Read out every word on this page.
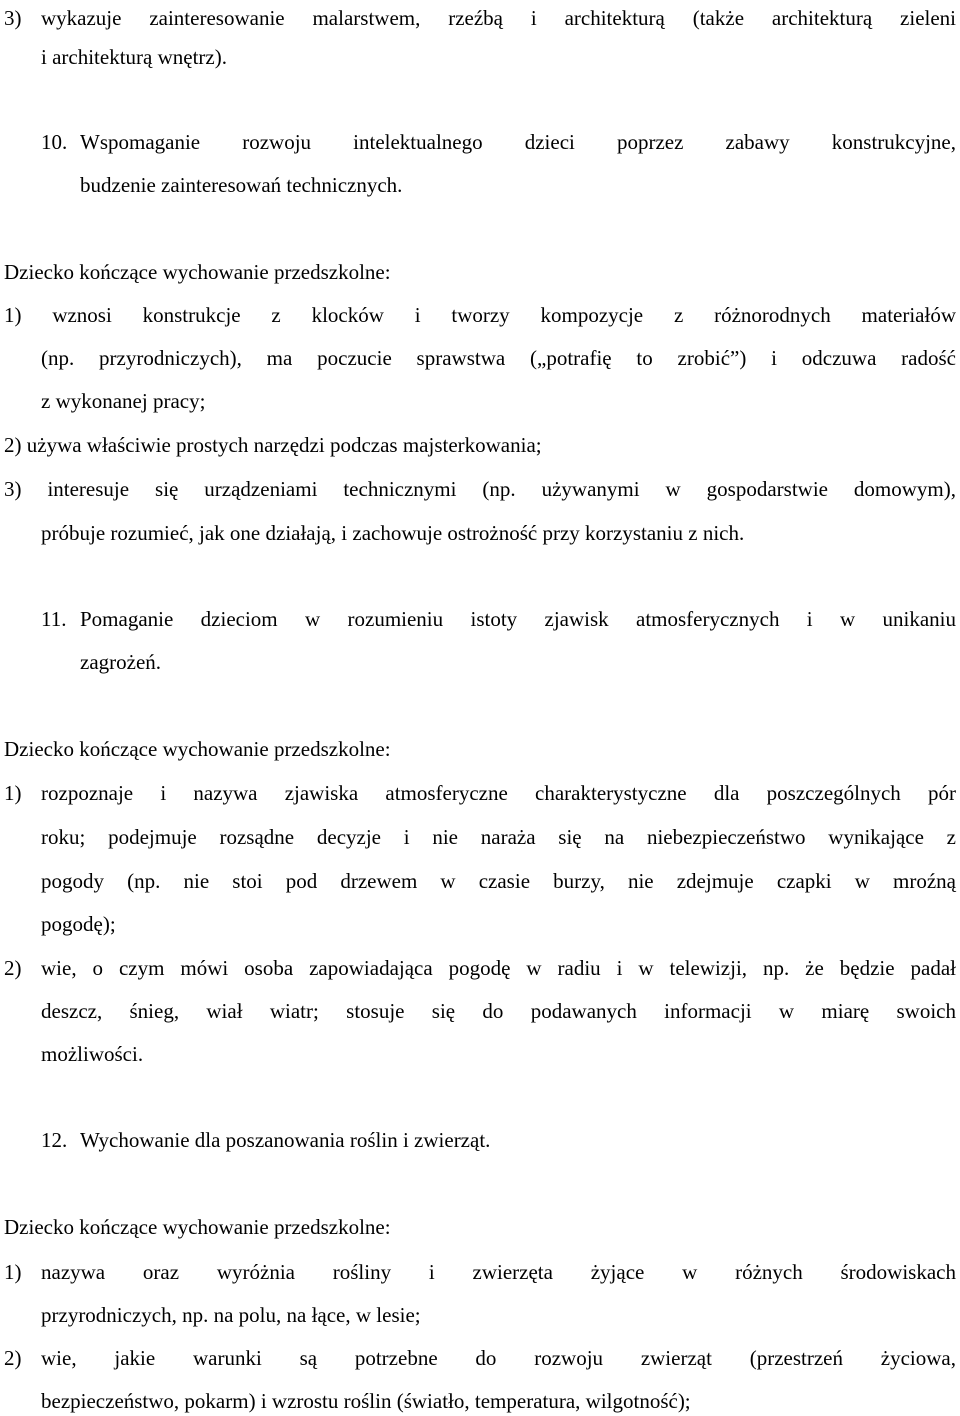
3) wykazuje zainteresowanie malarstwem, rzeźbą i architekturą (także architekturą zieleni
i architekturą wnętrz).
10. Wspomaganie rozwoju intelektualnego dzieci poprzez zabawy konstrukcyjne,
budzenie zainteresowań technicznych.
Dziecko kończące wychowanie przedszkolne:
1) wznosi konstrukcje z klocków i tworzy kompozycje z różnorodnych materiałów
(np. przyrodniczych), ma poczucie sprawstwa („potrafię to zrobić”) i odczuwa radość
z wykonanej pracy;
2) używa właściwie prostych narzędzi podczas majsterkowania;
3) interesuje się urządzeniami technicznymi (np. używanymi w gospodarstwie domowym),
próbuje rozumieć, jak one działają, i zachowuje ostrożność przy korzystaniu z nich.
11. Pomaganie dzieciom w rozumieniu istoty zjawisk atmosferycznych i w unikaniu
zagrożeń.
Dziecko kończące wychowanie przedszkolne:
1) rozpoznaje i nazywa zjawiska atmosferyczne charakterystyczne dla poszczególnych pór
roku; podejmuje rozsądne decyzje i nie naraża się na niebezpieczeństwo wynikające z
pogody (np. nie stoi pod drzewem w czasie burzy, nie zdejmuje czapki w mroźną
pogodę);
2) wie, o czym mówi osoba zapowiadająca pogodę w radiu i w telewizji, np. że będzie padał
deszcz, śnieg, wiał wiatr; stosuje się do podawanych informacji w miarę swoich
możliwości.
12. Wychowanie dla poszanowania roślin i zwierząt.
Dziecko kończące wychowanie przedszkolne:
1) nazywa oraz wyróżnia rośliny i zwierzęta żyjące w różnych środowiskach
przyrodniczych, np. na polu, na łące, w lesie;
2) wie, jakie warunki są potrzebne do rozwoju zwierząt (przestrzeń życiowa,
bezpieczeństwo, pokarm) i wzrostu roślin (światło, temperatura, wilgotność);
